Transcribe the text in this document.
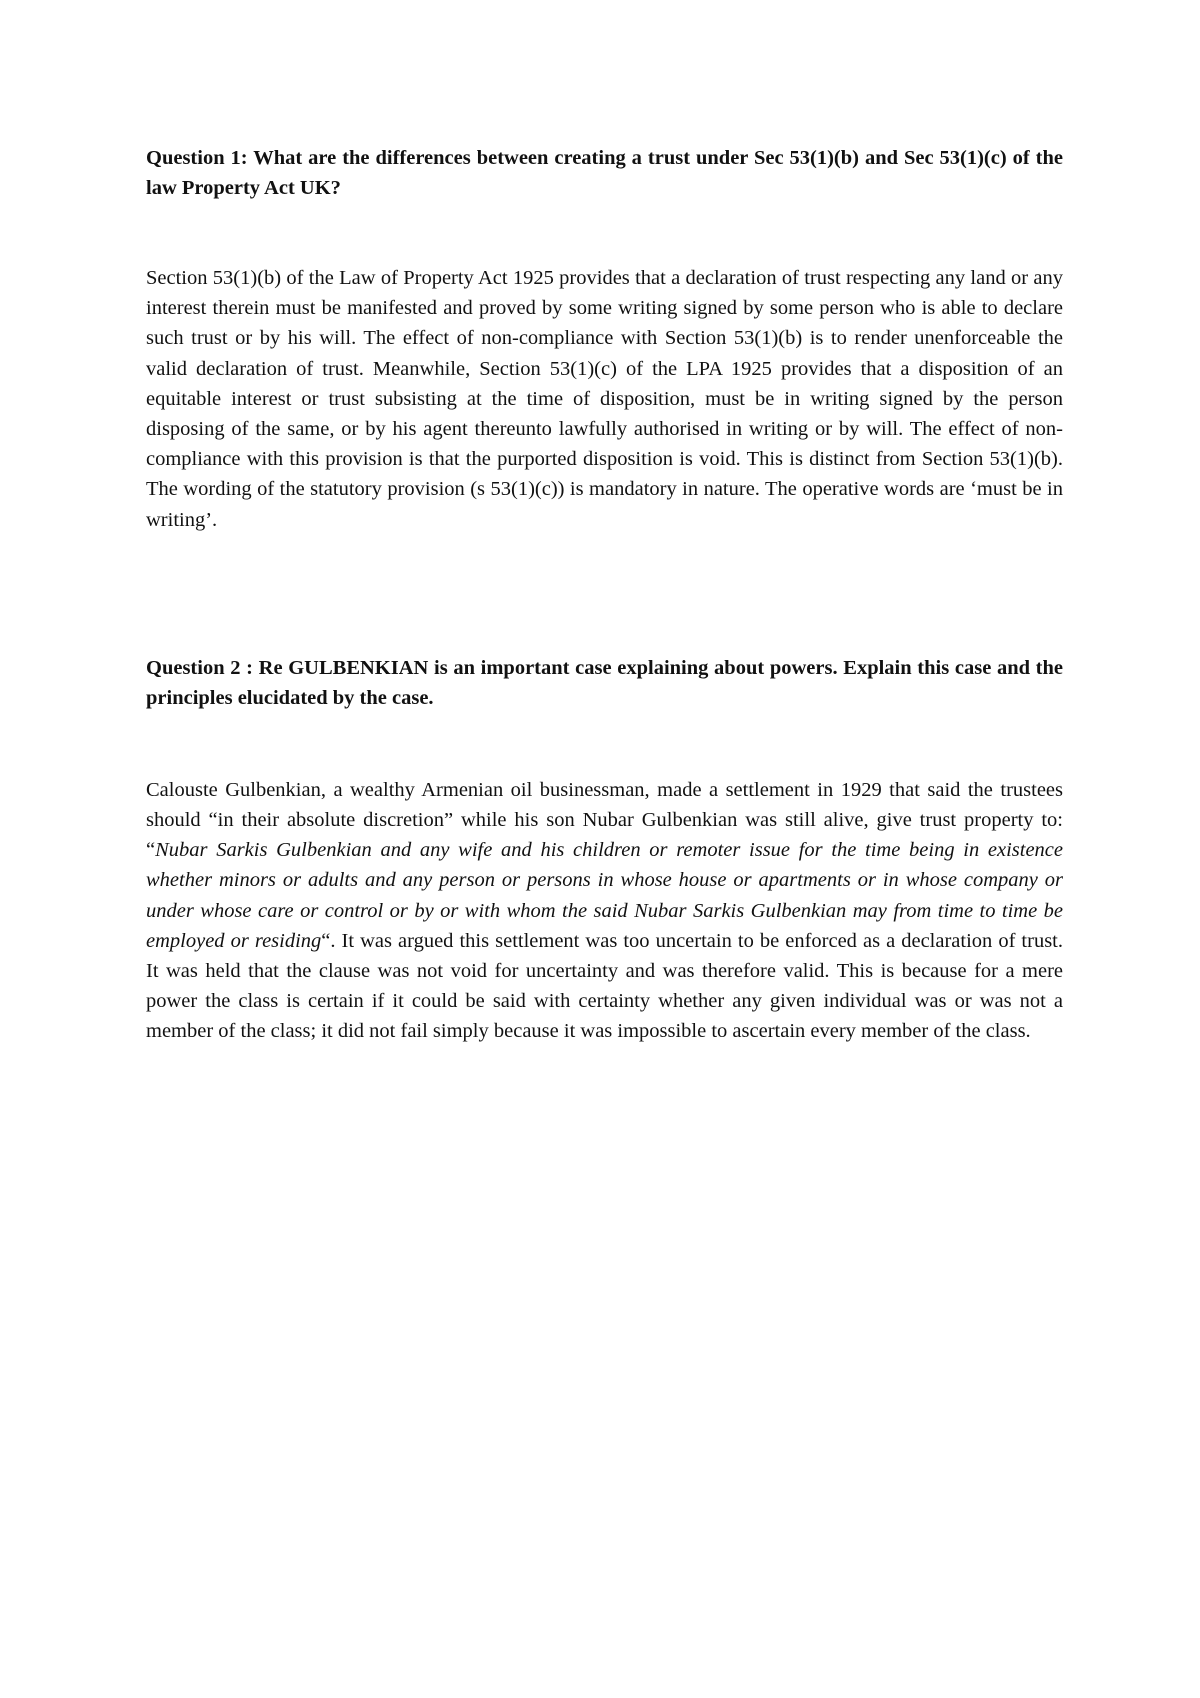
Question 1: What are the differences between creating a trust under Sec 53(1)(b) and Sec 53(1)(c) of the law Property Act UK?

Section 53(1)(b) of the Law of Property Act 1925 provides that a declaration of trust respecting any land or any interest therein must be manifested and proved by some writing signed by some person who is able to declare such trust or by his will. The effect of non-compliance with Section 53(1)(b) is to render unenforceable the valid declaration of trust. Meanwhile, Section 53(1)(c) of the LPA 1925 provides that a disposition of an equitable interest or trust subsisting at the time of disposition, must be in writing signed by the person disposing of the same, or by his agent thereunto lawfully authorised in writing or by will. The effect of non-compliance with this provision is that the purported disposition is void. This is distinct from Section 53(1)(b). The wording of the statutory provision (s 53(1)(c)) is mandatory in nature. The operative words are ‘must be in writing’.

Question 2 : Re GULBENKIAN is an important case explaining about powers. Explain this case and the principles elucidated by the case.

Calouste Gulbenkian, a wealthy Armenian oil businessman, made a settlement in 1929 that said the trustees should “in their absolute discretion” while his son Nubar Gulbenkian was still alive, give trust property to: “Nubar Sarkis Gulbenkian and any wife and his children or remoter issue for the time being in existence whether minors or adults and any person or persons in whose house or apartments or in whose company or under whose care or control or by or with whom the said Nubar Sarkis Gulbenkian may from time to time be employed or residing“. It was argued this settlement was too uncertain to be enforced as a declaration of trust. It was held that the clause was not void for uncertainty and was therefore valid. This is because for a mere power the class is certain if it could be said with certainty whether any given individual was or was not a member of the class; it did not fail simply because it was impossible to ascertain every member of the class.
